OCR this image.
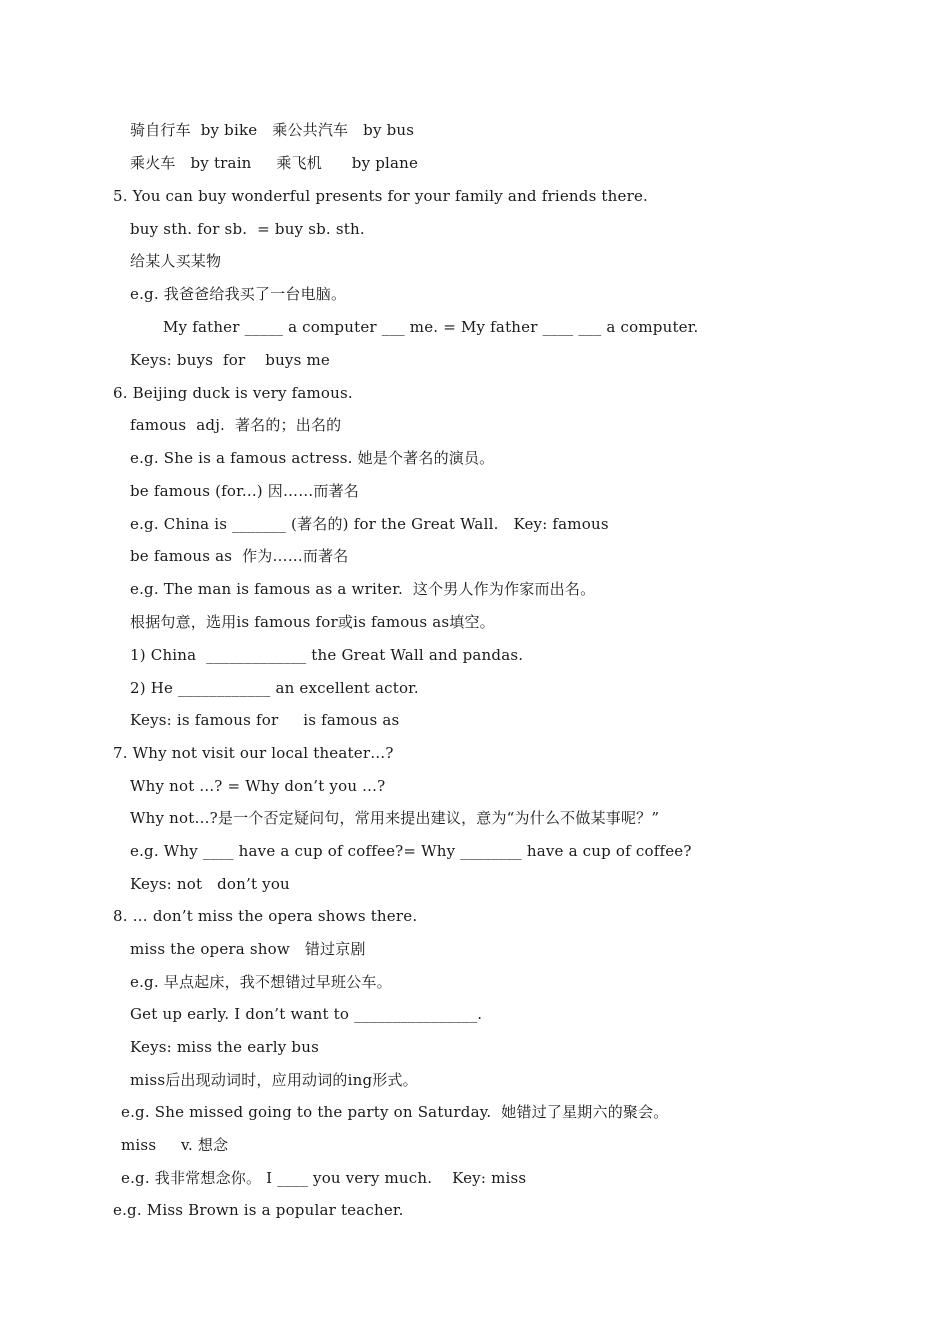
骑自行车  by bike   乘公共汽车   by bus
乘火车   by train     乘飞机      by plane
5. You can buy wonderful presents for your family and friends there.
buy sth. for sb.  = buy sb. sth.
给某人买某物
e.g. 我爸爸给我买了一台电脑。
My father _____ a computer ___ me. = My father ____ ___ a computer.
Keys: buys  for    buys me
6. Beijing duck is very famous.
famous  adj.  著名的；出名的
e.g. She is a famous actress. 她是个著名的演员。
be famous (for...) 因……而著名
e.g. China is _______ (著名的) for the Great Wall.   Key: famous
be famous as  作为……而著名
e.g. The man is famous as a writer.  这个男人作为作家而出名。
根据句意，选用is famous for或is famous as填空。
1) China  _____________ the Great Wall and pandas.
2) He ____________ an excellent actor.
Keys: is famous for     is famous as
7. Why not visit our local theater…?
Why not ...? = Why don’t you ...?
Why not…?是一个否定疑问句，常用来提出建议，意为“为什么不做某事呢？”
e.g. Why ____ have a cup of coffee?= Why ________ have a cup of coffee?
Keys: not   don’t you
8. … don’t miss the opera shows there.
miss the opera show   错过京剧
e.g. 早点起床，我不想错过早班公车。
Get up early. I don’t want to ________________.
Keys: miss the early bus
miss后出现动词时，应用动词的ing形式。
e.g. She missed going to the party on Saturday.  她错过了星期六的聚会。
miss     v. 想念
e.g. 我非常想念你。 I ____ you very much.    Key: miss
e.g. Miss Brown is a popular teacher.
